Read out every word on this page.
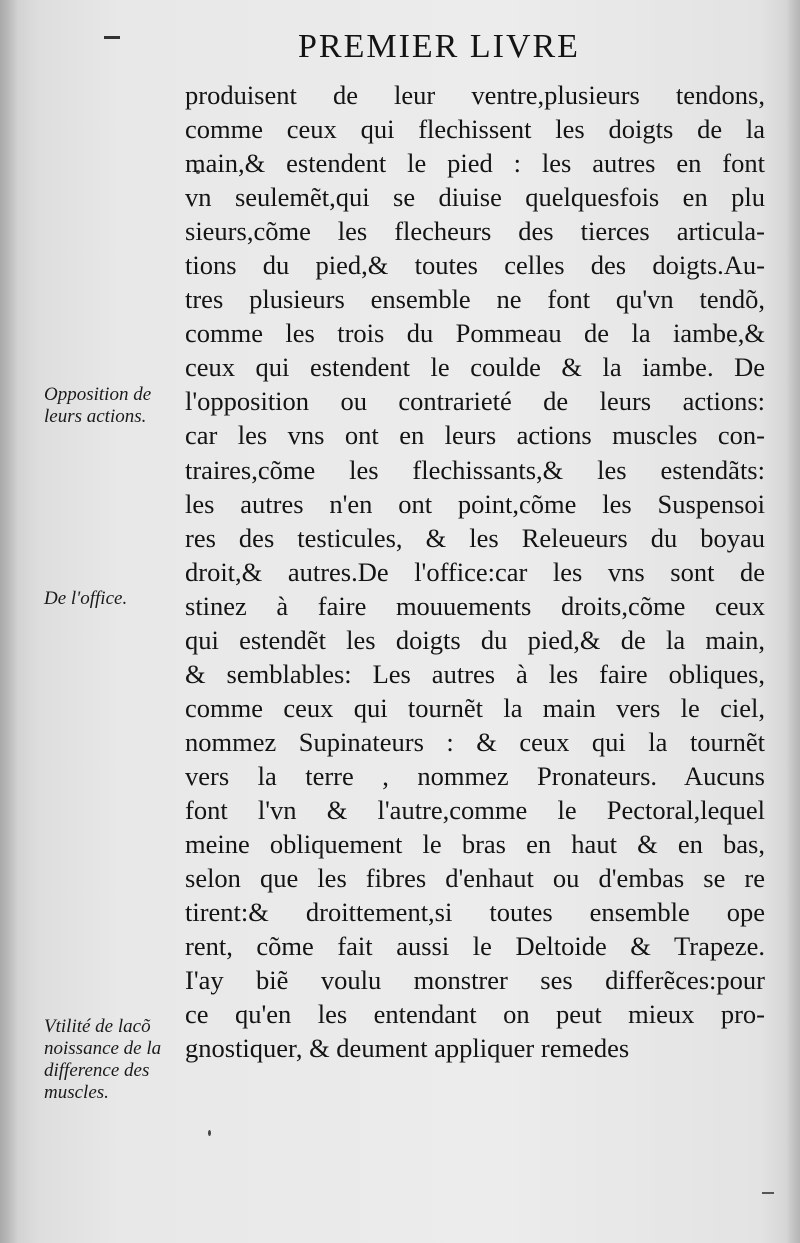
PREMIER LIVRE
produisent de leur ventre,plusieurs tendons,
comme ceux qui flechissent les doigts de la
main,& estendent le pied : les autres en font
vn seulemẽt,qui se diuise quelquesfois en plu
sieurs,cõme les flecheurs des tierces articula-
tions du pied,& toutes celles des doigts.Au-
tres plusieurs ensemble ne font qu'vn tendõ,
comme les trois du Pommeau de la iambe,&
ceux qui estendent le coulde & la iambe. De
l'opposition ou contrarieté de leurs actions:
car les vns ont en leurs actions muscles con-
traires,cõme les flechissants,& les estendãts:
les autres n'en ont point,cõme les Suspensoi
res des testicules, & les Releueurs du boyau
droit,& autres.De l'office:car les vns sont de
stinez à faire mouuements droits,cõme ceux
qui estendẽt les doigts du pied,& de la main,
& semblables: Les autres à les faire obliques,
comme ceux qui tournẽt la main vers le ciel,
nommez Supinateurs : & ceux qui la tournẽt
vers la terre , nommez Pronateurs. Aucuns
font l'vn & l'autre,comme le Pectoral,lequel
meine obliquement le bras en haut & en bas,
selon que les fibres d'enhaut ou d'embas se re
tirent:& droittement,si toutes ensemble ope
rent, cõme fait aussi le Deltoide & Trapeze.
I'ay biẽ voulu monstrer ses differẽces:pour
ce qu'en les entendant on peut mieux pro-
gnostiquer, & deument appliquer remedes
Opposition de
leurs actions.
De l'office.
Vtilité de lacõ
noissance de la
difference des
muscles.
